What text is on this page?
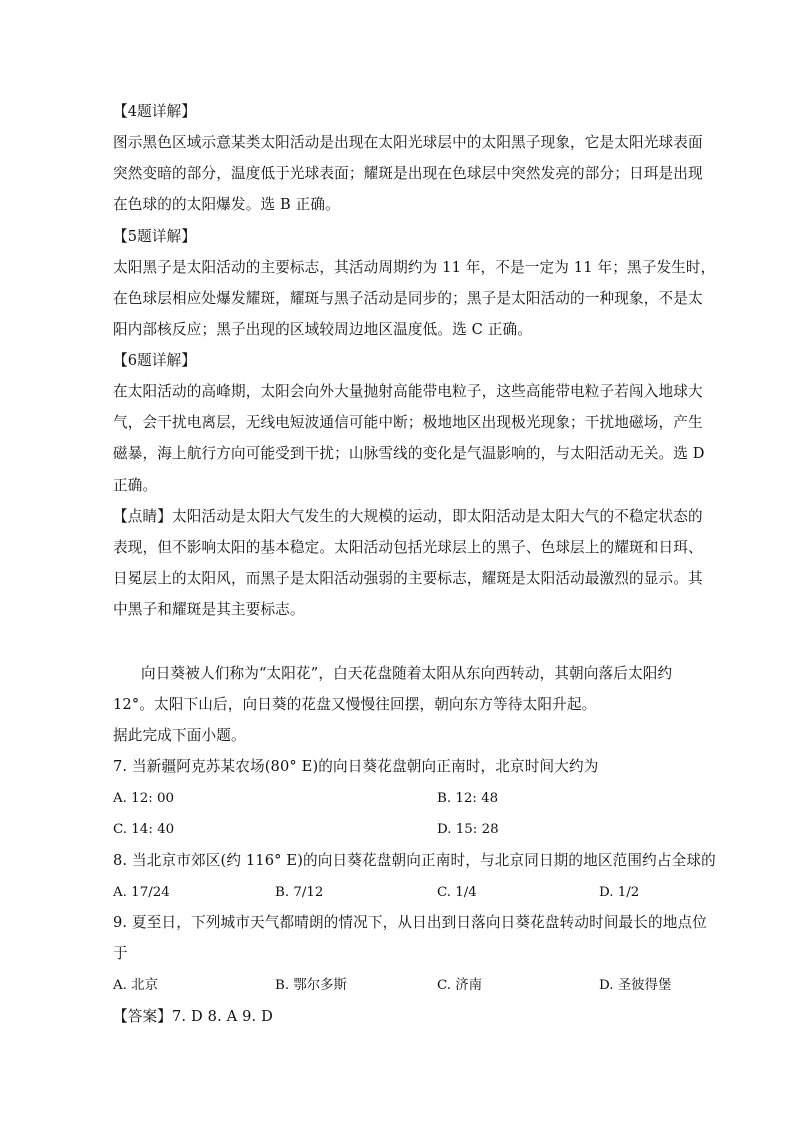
【4题详解】
图示黑色区域示意某类太阳活动是出现在太阳光球层中的太阳黑子现象，它是太阳光球表面
突然变暗的部分，温度低于光球表面；耀斑是出现在色球层中突然发亮的部分；日珥是出现
在色球的的太阳爆发。选 B 正确。
【5题详解】
太阳黑子是太阳活动的主要标志，其活动周期约为 11 年，不是一定为 11 年；黑子发生时，
在色球层相应处爆发耀斑，耀斑与黑子活动是同步的；黑子是太阳活动的一种现象，不是太
阳内部核反应；黑子出现的区域较周边地区温度低。选 C 正确。
【6题详解】
在太阳活动的高峰期，太阳会向外大量抛射高能带电粒子，这些高能带电粒子若闯入地球大
气，会干扰电离层，无线电短波通信可能中断；极地地区出现极光现象；干扰地磁场，产生
磁暴，海上航行方向可能受到干扰；山脉雪线的变化是气温影响的，与太阳活动无关。选 D
正确。
【点睛】太阳活动是太阳大气发生的大规模的运动，即太阳活动是太阳大气的不稳定状态的
表现，但不影响太阳的基本稳定。太阳活动包括光球层上的黑子、色球层上的耀斑和日珥、
日冕层上的太阳风，而黑子是太阳活动强弱的主要标志，耀斑是太阳活动最激烈的显示。其
中黑子和耀斑是其主要标志。
向日葵被人们称为“太阳花”，白天花盘随着太阳从东向西转动，其朝向落后太阳约
12°。太阳下山后，向日葵的花盘又慢慢往回摆，朝向东方等待太阳升起。
据此完成下面小题。
7. 当新疆阿克苏某农场(80° E)的向日葵花盘朝向正南时，北京时间大约为
A. 12: 00	B. 12: 48
C. 14: 40	D. 15: 28
8. 当北京市郊区(约 116° E)的向日葵花盘朝向正南时，与北京同日期的地区范围约占全球的
A. 17/24	B. 7/12	C. 1/4	D. 1/2
9. 夏至日，下列城市天气都晴朗的情况下，从日出到日落向日葵花盘转动时间最长的地点位
于
A. 北京	B. 鄂尔多斯	C. 济南	D. 圣彼得堡
【答案】7. D 8. A 9. D
